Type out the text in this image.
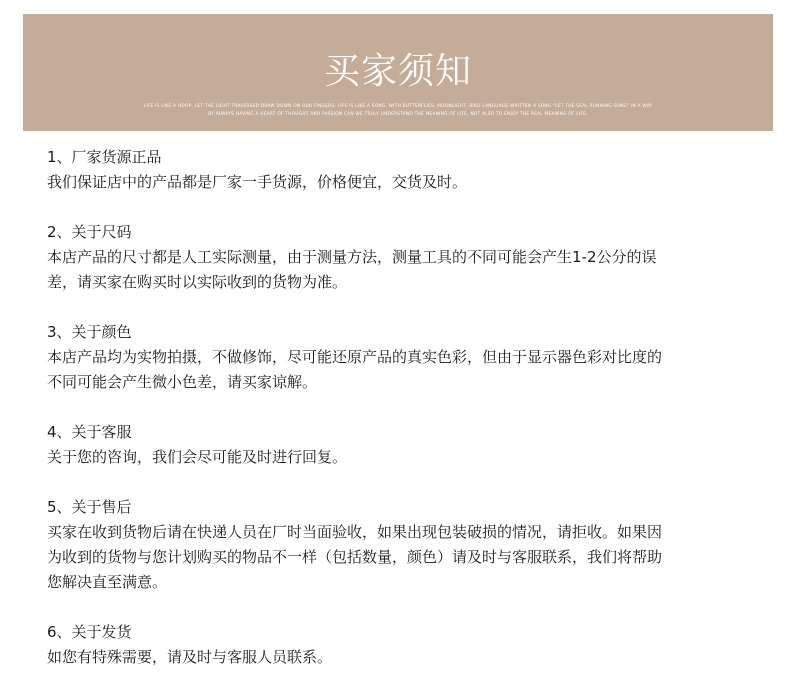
买家须知
LIFE IS LIKE A HOOP, LET THE LIGHT TRAVERSED DRAW DOWN ON OUR FINGERS; LIFE IS LIKE A SONG, WITH BUTTERFLIES, MOONLIGHT, BIRD LANGUAGE WRITTEN A SONG "LET THE SEAL RUNNING SONG" IN A WAY
BY ALWAYS HAVING A HEART OF THOUGHT AND PASSION CAN WE TRULY UNDERSTAND THE MEANING OF LIFE, NOT ALSO TO ENJOY THE REAL MEANING OF LIFE.
1、厂家货源正品
我们保证店中的产品都是厂家一手货源，价格便宜，交货及时。
2、关于尺码
本店产品的尺寸都是人工实际测量，由于测量方法，测量工具的不同可能会产生1-2公分的误
差，请买家在购买时以实际收到的货物为准。
3、关于颜色
本店产品均为实物拍摄，不做修饰，尽可能还原产品的真实色彩，但由于显示器色彩对比度的
不同可能会产生微小色差，请买家谅解。
4、关于客服
关于您的咨询，我们会尽可能及时进行回复。
5、关于售后
买家在收到货物后请在快递人员在厂时当面验收，如果出现包装破损的情况，请拒收。如果因
为收到的货物与您计划购买的物品不一样（包括数量，颜色）请及时与客服联系，我们将帮助
您解决直至满意。
6、关于发货
如您有特殊需要，请及时与客服人员联系。
